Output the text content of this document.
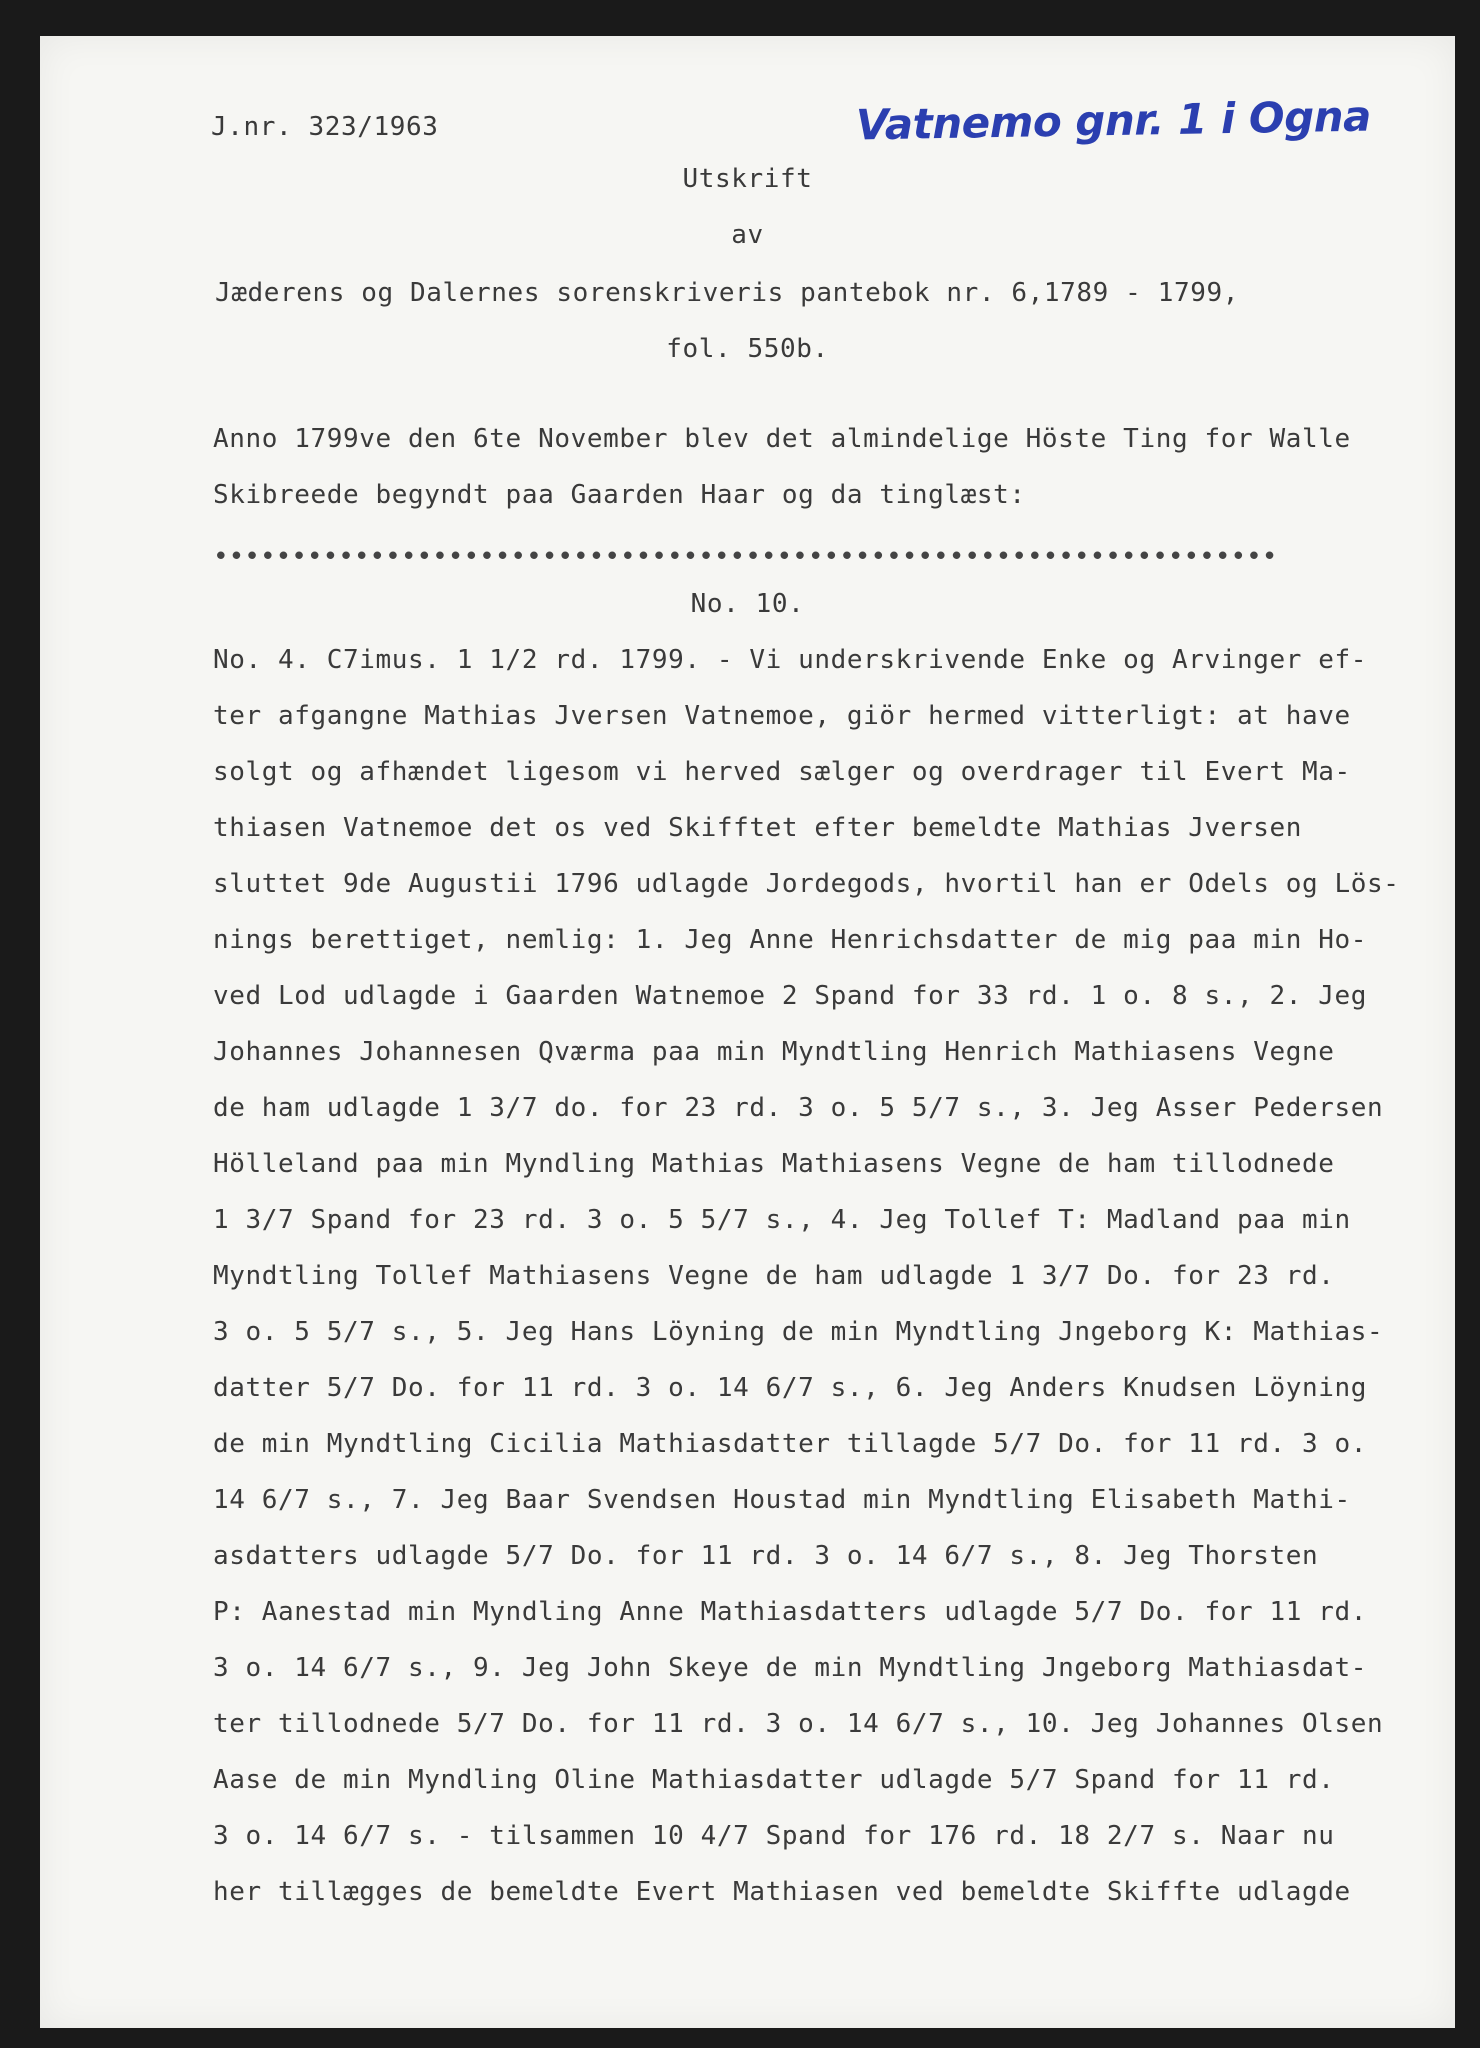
J.nr. 323/1963	Vatnemo gnr. 1 i Ogna
Utskrift
av
Jæderens og Dalernes sorenskriveris pantebok nr. 6,1789 - 1799,
fol. 550b.
Anno 1799ve den 6te November blev det almindelige Höste Ting for Walle
Skibreede begyndt paa Gaarden Haar og da tinglæst:
••••••••••••••••••••••••••••••••••••••••••••••••••••••••••••••••••••
No. 10.
No. 4. C7imus. 1 1/2 rd. 1799. - Vi underskrivende Enke og Arvinger ef-
ter afgangne Mathias Jversen Vatnemoe, giör hermed vitterligt: at have
solgt og afhændet ligesom vi herved sælger og overdrager til Evert Ma-
thiasen Vatnemoe det os ved Skifftet efter bemeldte Mathias Jversen
sluttet 9de Augustii 1796 udlagde Jordegods, hvortil han er Odels og Lös-
nings berettiget, nemlig: 1. Jeg Anne Henrichsdatter de mig paa min Ho-
ved Lod udlagde i Gaarden Watnemoe 2 Spand for 33 rd. 1 o. 8 s., 2. Jeg
Johannes Johannesen Qværma paa min Myndtling Henrich Mathiasens Vegne
de ham udlagde 1 3/7 do. for 23 rd. 3 o. 5 5/7 s., 3. Jeg Asser Pedersen
Hölleland paa min Myndling Mathias Mathiasens Vegne de ham tillodnede
1 3/7 Spand for 23 rd. 3 o. 5 5/7 s., 4. Jeg Tollef T: Madland paa min
Myndtling Tollef Mathiasens Vegne de ham udlagde 1 3/7 Do. for 23 rd.
3 o. 5 5/7 s., 5. Jeg Hans Löyning de min Myndtling Jngeborg K: Mathias-
datter 5/7 Do. for 11 rd. 3 o. 14 6/7 s., 6. Jeg Anders Knudsen Löyning
de min Myndtling Cicilia Mathiasdatter tillagde 5/7 Do. for 11 rd. 3 o.
14 6/7 s., 7. Jeg Baar Svendsen Houstad min Myndtling Elisabeth Mathi-
asdatters udlagde 5/7 Do. for 11 rd. 3 o. 14 6/7 s., 8. Jeg Thorsten
P: Aanestad min Myndling Anne Mathiasdatters udlagde 5/7 Do. for 11 rd.
3 o. 14 6/7 s., 9. Jeg John Skeye de min Myndtling Jngeborg Mathiasdat-
ter tillodnede 5/7 Do. for 11 rd. 3 o. 14 6/7 s., 10. Jeg Johannes Olsen
Aase de min Myndling Oline Mathiasdatter udlagde 5/7 Spand for 11 rd.
3 o. 14 6/7 s. - tilsammen 10 4/7 Spand for 176 rd. 18 2/7 s. Naar nu
her tillægges de bemeldte Evert Mathiasen ved bemeldte Skiffte udlagde
